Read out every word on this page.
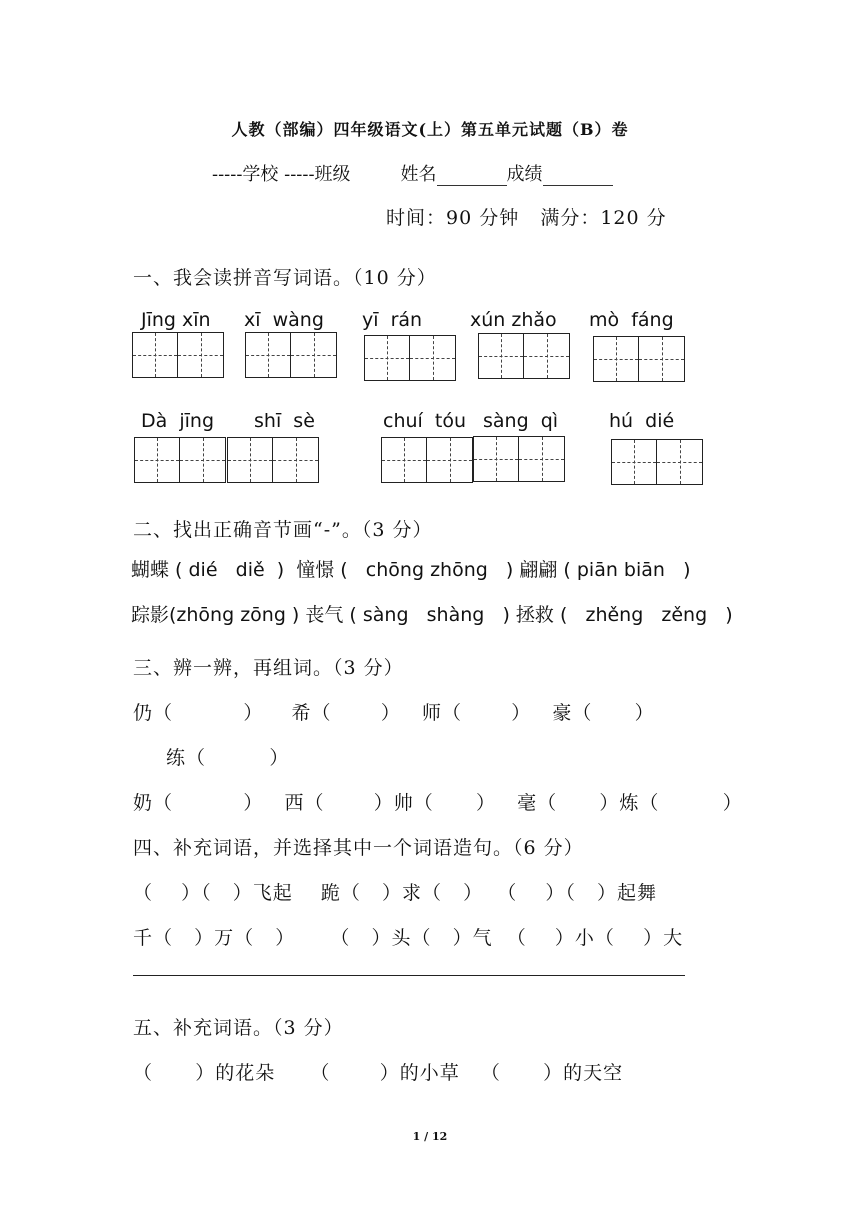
人教（部编）四年级语文(上）第五单元试题（B）卷
-----学校 -----班级	姓名	成绩
时间：90 分钟   满分：120 分
一、我会读拼音写词语。（10 分）
Jīng xīn xī  wàng yī  rán	xún zhǎo mò  fáng
Dà  jīng shī  sè	chuí  tóu sàng  qì	hú  dié
二、找出正确音节画“-”。（3 分）
蝴蝶 ( dié   diě  )  憧憬 (   chōng zhōng   ) 翩翩 ( piān biān   )
踪影(zhōng zōng ) 丧气 ( sàng   shàng   ) 拯救 (   zhěng   zěng   )
三、辨一辨，再组词。（3 分）
仍（          ）    希（       ）   师（       ）   豪（      ）
练（         ）
奶（          ）   西（       ）帅（      ）   毫（      ）炼（         ）
四、补充词语，并选择其中一个词语造句。（6 分）
（    ）（   ）飞起    跪（   ）求（   ）  （    ）（   ）起舞
千（   ）万（   ）     （   ）头（   ）气  （    ）小（    ）大
五、补充词语。（3 分）
（      ）的花朵     （       ）的小草   （      ）的天空
1 / 12
